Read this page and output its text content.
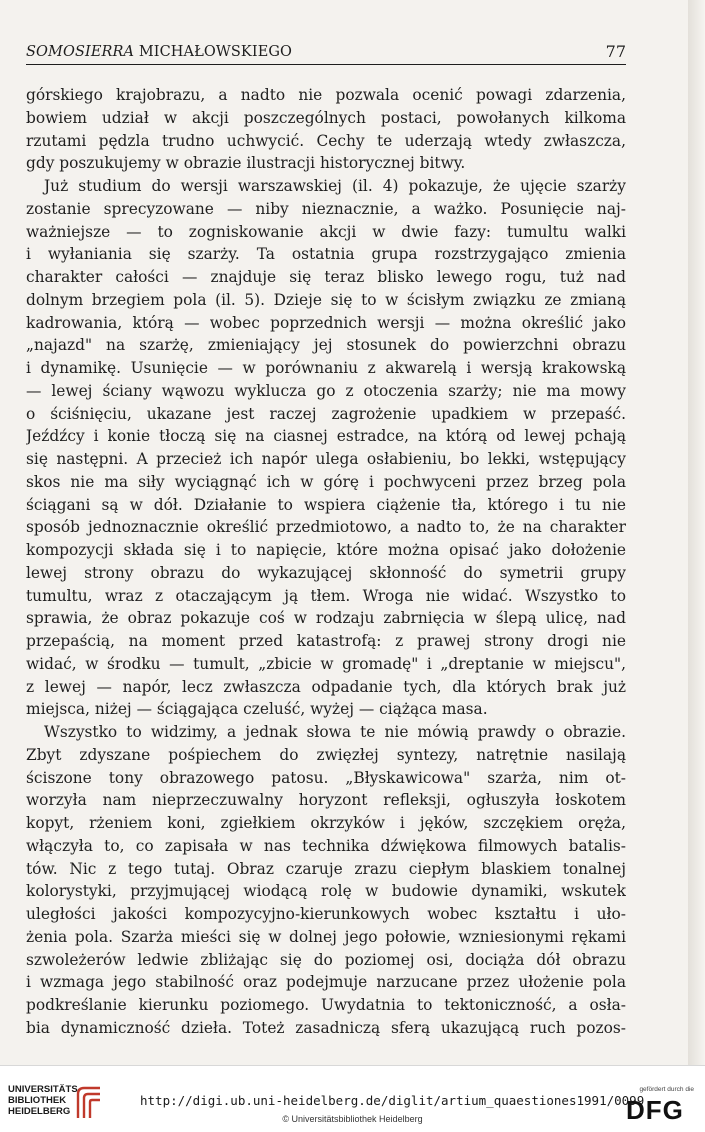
SOMOSIERRA MICHAŁOWSKIEGO	77
górskiego krajobrazu, a nadto nie pozwala ocenić powagi zdarzenia,
bowiem udział w akcji poszczególnych postaci, powołanych kilkoma
rzutami pędzla trudno uchwycić. Cechy te uderzają wtedy zwłaszcza,
gdy poszukujemy w obrazie ilustracji historycznej bitwy.
Już studium do wersji warszawskiej (il. 4) pokazuje, że ujęcie szarży
zostanie sprecyzowane — niby nieznacznie, a ważko. Posunięcie naj-
ważniejsze — to zogniskowanie akcji w dwie fazy: tumultu walki
i wyłaniania się szarży. Ta ostatnia grupa rozstrzygająco zmienia
charakter całości — znajduje się teraz blisko lewego rogu, tuż nad
dolnym brzegiem pola (il. 5). Dzieje się to w ścisłym związku ze zmianą
kadrowania, którą — wobec poprzednich wersji — można określić jako
„najazd" na szarżę, zmieniający jej stosunek do powierzchni obrazu
i dynamikę. Usunięcie — w porównaniu z akwarelą i wersją krakowską
— lewej ściany wąwozu wyklucza go z otoczenia szarży; nie ma mowy
o ściśnięciu, ukazane jest raczej zagrożenie upadkiem w przepaść.
Jeźdźcy i konie tłoczą się na ciasnej estradce, na którą od lewej pchają
się następni. A przecież ich napór ulega osłabieniu, bo lekki, wstępujący
skos nie ma siły wyciągnąć ich w górę i pochwyceni przez brzeg pola
ściągani są w dół. Działanie to wspiera ciążenie tła, którego i tu nie
sposób jednoznacznie określić przedmiotowo, a nadto to, że na charakter
kompozycji składa się i to napięcie, które można opisać jako dołożenie
lewej strony obrazu do wykazującej skłonność do symetrii grupy
tumultu, wraz z otaczającym ją tłem. Wroga nie widać. Wszystko to
sprawia, że obraz pokazuje coś w rodzaju zabrnięcia w ślepą ulicę, nad
przepaścią, na moment przed katastrofą: z prawej strony drogi nie
widać, w środku — tumult, „zbicie w gromadę" i „dreptanie w miejscu",
z lewej — napór, lecz zwłaszcza odpadanie tych, dla których brak już
miejsca, niżej — ściągająca czeluść, wyżej — ciążąca masa.
Wszystko to widzimy, a jednak słowa te nie mówią prawdy o obrazie.
Zbyt zdyszane pośpiechem do zwięzłej syntezy, natrętnie nasilają
ściszone tony obrazowego patosu. „Błyskawicowa" szarża, nim ot-
worzyła nam nieprzeczuwalny horyzont refleksji, ogłuszyła łoskotem
kopyt, rżeniem koni, zgiełkiem okrzyków i jęków, szczękiem oręża,
włączyła to, co zapisała w nas technika dźwiękowa filmowych batalis-
tów. Nic z tego tutaj. Obraz czaruje zrazu ciepłym blaskiem tonalnej
kolorystyki, przyjmującej wiodącą rolę w budowie dynamiki, wskutek
uległości jakości kompozycyjno-kierunkowych wobec kształtu i uło-
żenia pola. Szarża mieści się w dolnej jego połowie, wzniesionymi rękami
szwoleżerów ledwie zbliżając się do poziomej osi, dociąża dół obrazu
i wzmaga jego stabilność oraz podejmuje narzucane przez ułożenie pola
podkreślanie kierunku poziomego. Uwydatnia to tektoniczność, a osła-
bia dynamiczność dzieła. Toteż zasadniczą sferą ukazującą ruch pozos-
UNIVERSITÄTS-
BIBLIOTHEK
HEIDELBERG
http://digi.ub.uni-heidelberg.de/diglit/artium_quaestiones1991/0099
© Universitätsbibliothek Heidelberg
gefördert durch die
DFG
